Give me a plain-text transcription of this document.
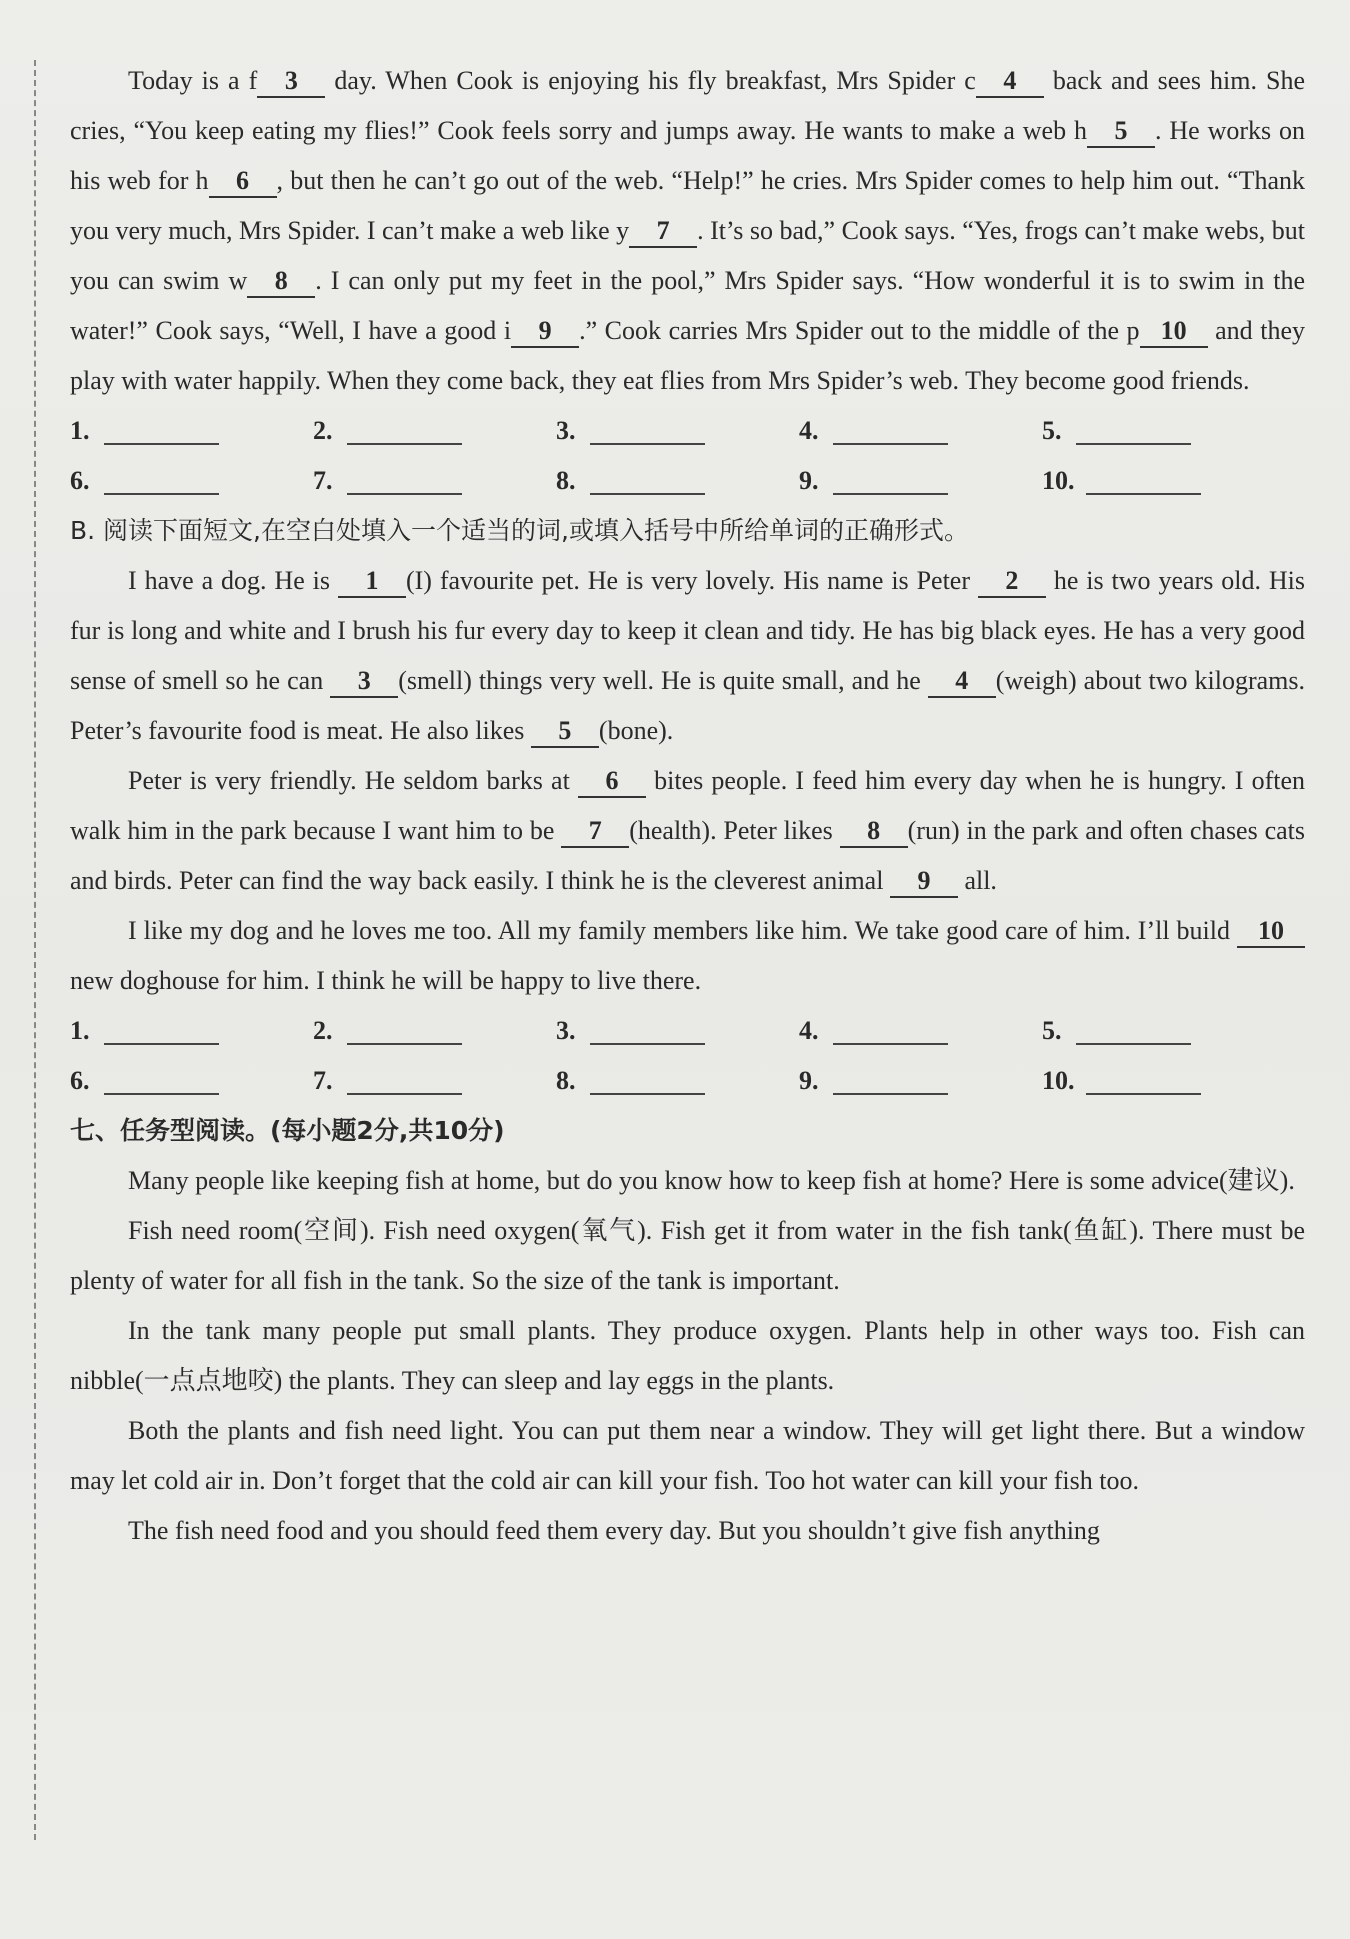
Today is a f 3 day. When Cook is enjoying his fly breakfast, Mrs Spider c 4 back and sees him. She cries, “You keep eating my flies!” Cook feels sorry and jumps away. He wants to make a web h 5 . He works on his web for h 6 , but then he can’t go out of the web. “Help!” he cries. Mrs Spider comes to help him out. “Thank you very much, Mrs Spider. I can’t make a web like y 7 . It’s so bad,” Cook says. “Yes, frogs can’t make webs, but you can swim w 8 . I can only put my feet in the pool,” Mrs Spider says. “How wonderful it is to swim in the water!” Cook says, “Well, I have a good i 9 .” Cook carries Mrs Spider out to the middle of the p 10 and they play with water happily. When they come back, they eat flies from Mrs Spider’s web. They become good friends.

1.	2.	3.	4.	5.
6.	7.	8.	9.	10.

B. 阅读下面短文,在空白处填入一个适当的词,或填入括号中所给单词的正确形式。

I have a dog. He is 1 (I) favourite pet. He is very lovely. His name is Peter 2 he is two years old. His fur is long and white and I brush his fur every day to keep it clean and tidy. He has big black eyes. He has a very good sense of smell so he can 3 (smell) things very well. He is quite small, and he 4 (weigh) about two kilograms. Peter’s favourite food is meat. He also likes 5 (bone).

Peter is very friendly. He seldom barks at 6 bites people. I feed him every day when he is hungry. I often walk him in the park because I want him to be 7 (health). Peter likes 8 (run) in the park and often chases cats and birds. Peter can find the way back easily. I think he is the cleverest animal 9 all.

I like my dog and he loves me too. All my family members like him. We take good care of him. I’ll build 10 new doghouse for him. I think he will be happy to live there.

1.	2.	3.	4.	5.
6.	7.	8.	9.	10.

七、任务型阅读。(每小题2分,共10分)

Many people like keeping fish at home, but do you know how to keep fish at home? Here is some advice(建议).

Fish need room(空间). Fish need oxygen(氧气). Fish get it from water in the fish tank(鱼缸). There must be plenty of water for all fish in the tank. So the size of the tank is important.

In the tank many people put small plants. They produce oxygen. Plants help in other ways too. Fish can nibble(一点点地咬) the plants. They can sleep and lay eggs in the plants.

Both the plants and fish need light. You can put them near a window. They will get light there. But a window may let cold air in. Don’t forget that the cold air can kill your fish. Too hot water can kill your fish too.

The fish need food and you should feed them every day. But you shouldn’t give fish anything
